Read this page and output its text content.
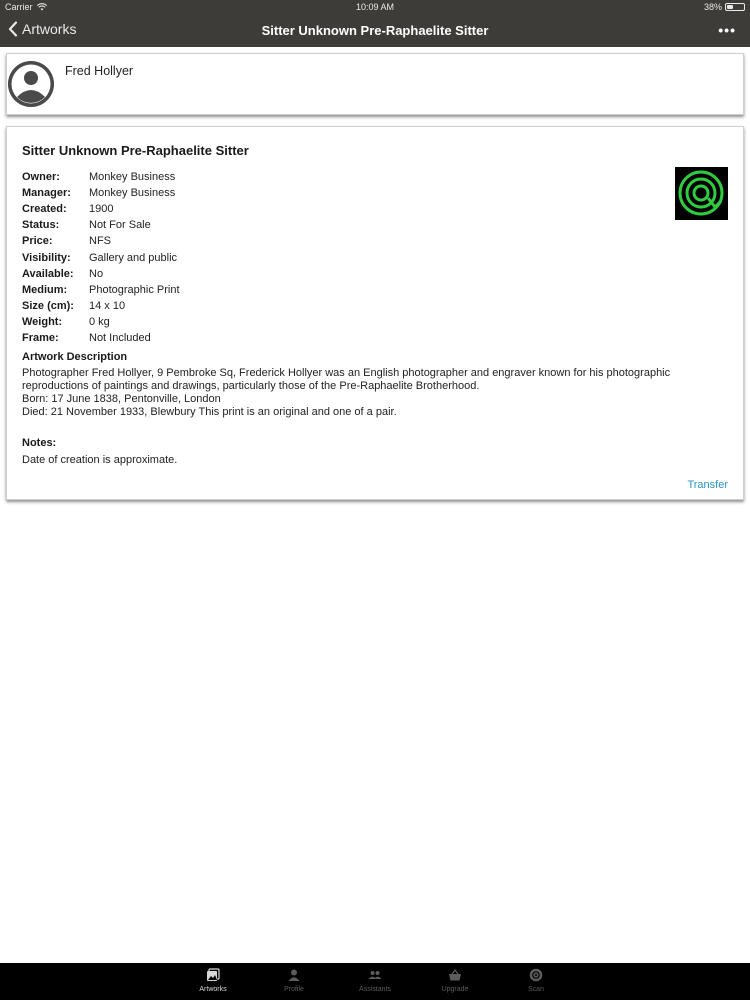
Carrier	10:09 AM	38%
Artworks	Sitter Unknown Pre-Raphaelite Sitter	•••
Fred Hollyer
Sitter Unknown Pre-Raphaelite Sitter
Owner:	Monkey Business
Manager:	Monkey Business
Created:	1900
Status:	Not For Sale
Price:	NFS
Visibility:	Gallery and public
Available:	No
Medium:	Photographic Print
Size (cm):	14 x 10
Weight:	0 kg
Frame:	Not Included
Artwork Description
Photographer Fred Hollyer, 9 Pembroke Sq, Frederick Hollyer was an English photographer and engraver known for his photographic
reproductions of paintings and drawings, particularly those of the Pre-Raphaelite Brotherhood.
Born: 17 June 1838, Pentonville, London
Died: 21 November 1933, Blewbury This print is an original and one of a pair.
Notes:
Date of creation is approximate.
Transfer
Artworks	Profile	Assistants	Upgrade	Scan
